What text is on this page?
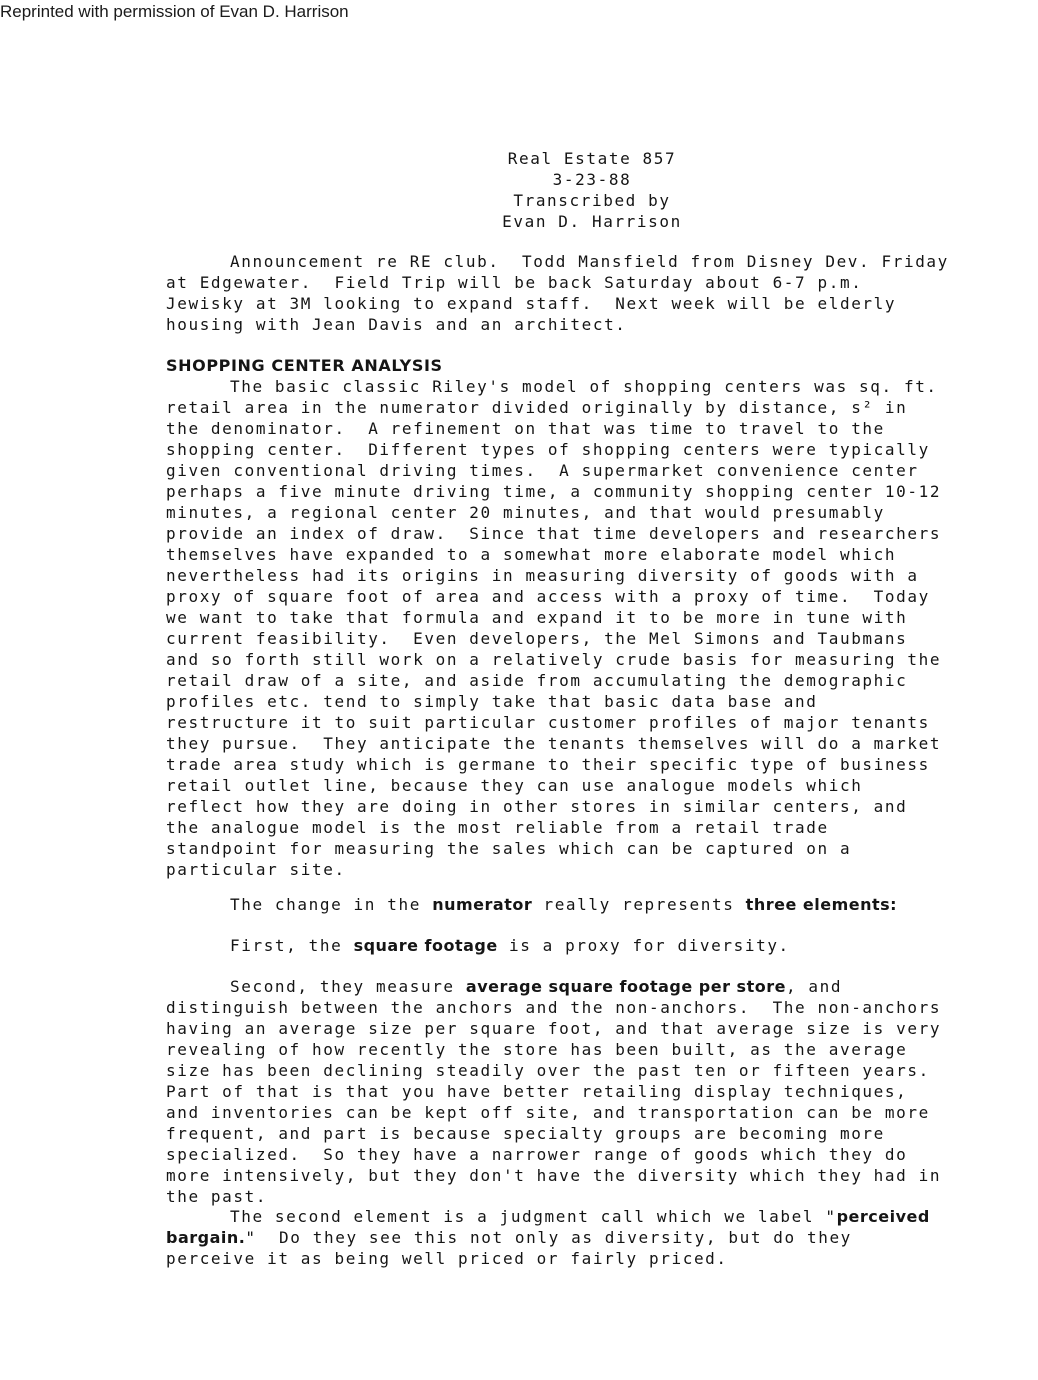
Reprinted with permission of Evan D. Harrison
Real Estate 857
3-23-88
Transcribed by
Evan D. Harrison
Announcement re RE club.  Todd Mansfield from Disney Dev. Friday
at Edgewater.  Field Trip will be back Saturday about 6-7 p.m.
Jewisky at 3M looking to expand staff.  Next week will be elderly
housing with Jean Davis and an architect.
SHOPPING CENTER ANALYSIS
The basic classic Riley's model of shopping centers was sq. ft.
retail area in the numerator divided originally by distance, s² in
the denominator.  A refinement on that was time to travel to the
shopping center.  Different types of shopping centers were typically
given conventional driving times.  A supermarket convenience center
perhaps a five minute driving time, a community shopping center 10-12
minutes, a regional center 20 minutes, and that would presumably
provide an index of draw.  Since that time developers and researchers
themselves have expanded to a somewhat more elaborate model which
nevertheless had its origins in measuring diversity of goods with a
proxy of square foot of area and access with a proxy of time.  Today
we want to take that formula and expand it to be more in tune with
current feasibility.  Even developers, the Mel Simons and Taubmans
and so forth still work on a relatively crude basis for measuring the
retail draw of a site, and aside from accumulating the demographic
profiles etc. tend to simply take that basic data base and
restructure it to suit particular customer profiles of major tenants
they pursue.  They anticipate the tenants themselves will do a market
trade area study which is germane to their specific type of business
retail outlet line, because they can use analogue models which
reflect how they are doing in other stores in similar centers, and
the analogue model is the most reliable from a retail trade
standpoint for measuring the sales which can be captured on a
particular site.
The change in the numerator really represents three elements:
First, the square footage is a proxy for diversity.
Second, they measure average square footage per store, and
distinguish between the anchors and the non-anchors.  The non-anchors
having an average size per square foot, and that average size is very
revealing of how recently the store has been built, as the average
size has been declining steadily over the past ten or fifteen years.
Part of that is that you have better retailing display techniques,
and inventories can be kept off site, and transportation can be more
frequent, and part is because specialty groups are becoming more
specialized.  So they have a narrower range of goods which they do
more intensively, but they don't have the diversity which they had in
the past.
The second element is a judgment call which we label "perceived
bargain."  Do they see this not only as diversity, but do they
perceive it as being well priced or fairly priced.
